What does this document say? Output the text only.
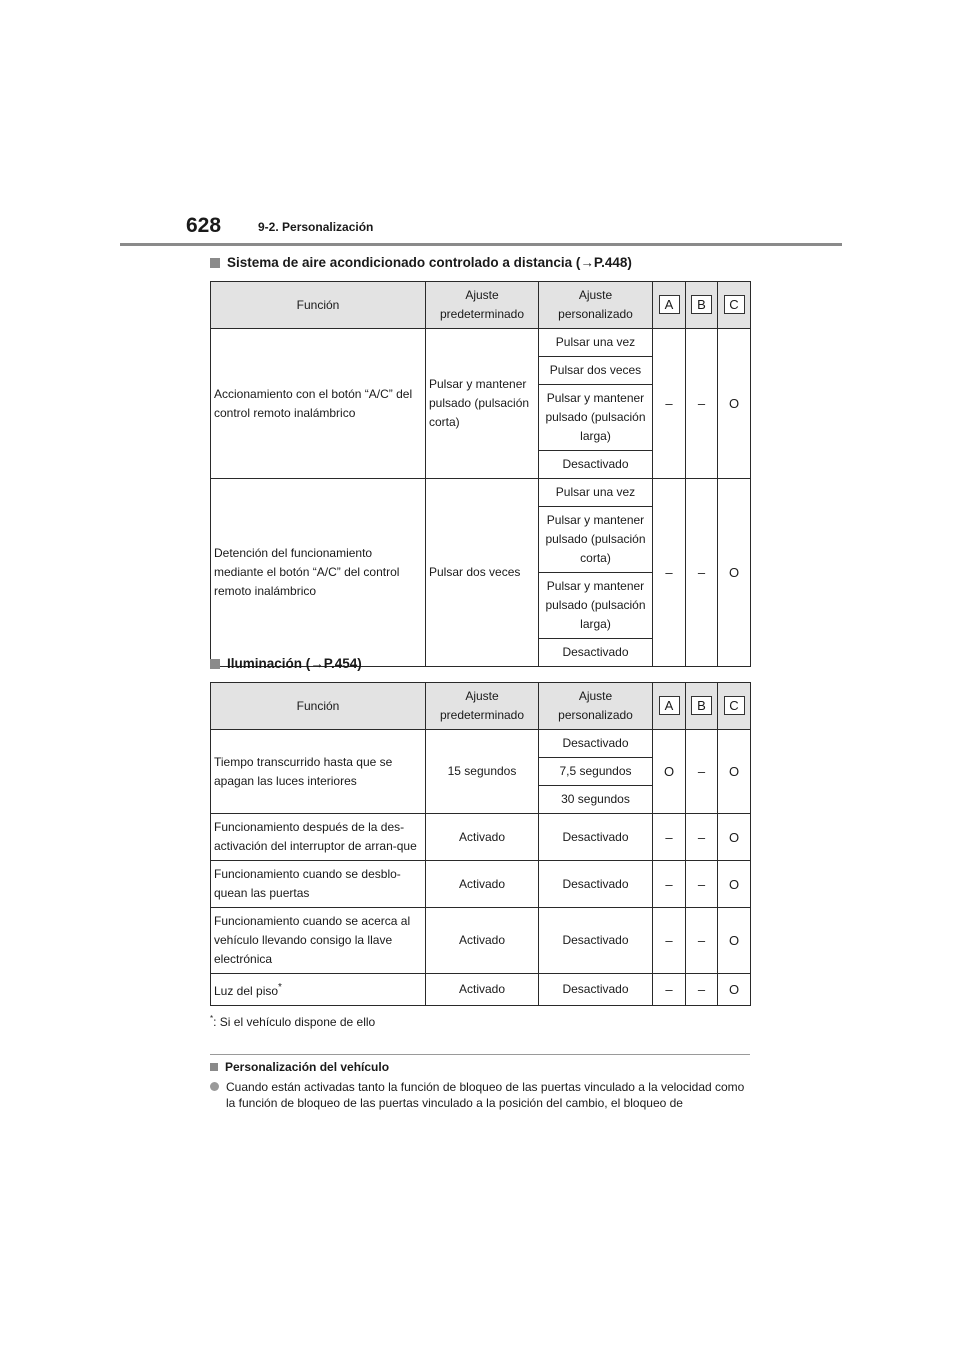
628	9-2. Personalización
Sistema de aire acondicionado controlado a distancia (→P.448)
Función	Ajuste predeterminado	Ajuste personalizado	A	B	C
Accionamiento con el botón “A/C” del control remoto inalámbrico	Pulsar y mantener pulsado (pulsación corta)	Pulsar una vez	–	–	O
		Pulsar dos veces			
		Pulsar y mantener pulsado (pulsación larga)			
		Desactivado			
Detención del funcionamiento mediante el botón “A/C” del control remoto inalámbrico	Pulsar dos veces	Pulsar una vez	–	–	O
		Pulsar y mantener pulsado (pulsación corta)			
		Pulsar y mantener pulsado (pulsación larga)			
		Desactivado			
Iluminación (→P.454)
Función	Ajuste predeterminado	Ajuste personalizado	A	B	C
Tiempo transcurrido hasta que se apagan las luces interiores	15 segundos	Desactivado	O	–	O
		7,5 segundos			
		30 segundos			
Funcionamiento después de la des-activación del interruptor de arran-que	Activado	Desactivado	–	–	O
Funcionamiento cuando se desblo-quean las puertas	Activado	Desactivado	–	–	O
Funcionamiento cuando se acerca al vehículo llevando consigo la llave electrónica	Activado	Desactivado	–	–	O
Luz del piso*	Activado	Desactivado	–	–	O
*: Si el vehículo dispone de ello
Personalización del vehículo
Cuando están activadas tanto la función de bloqueo de las puertas vinculado a la velocidad como la función de bloqueo de las puertas vinculado a la posición del cambio, el bloqueo de
